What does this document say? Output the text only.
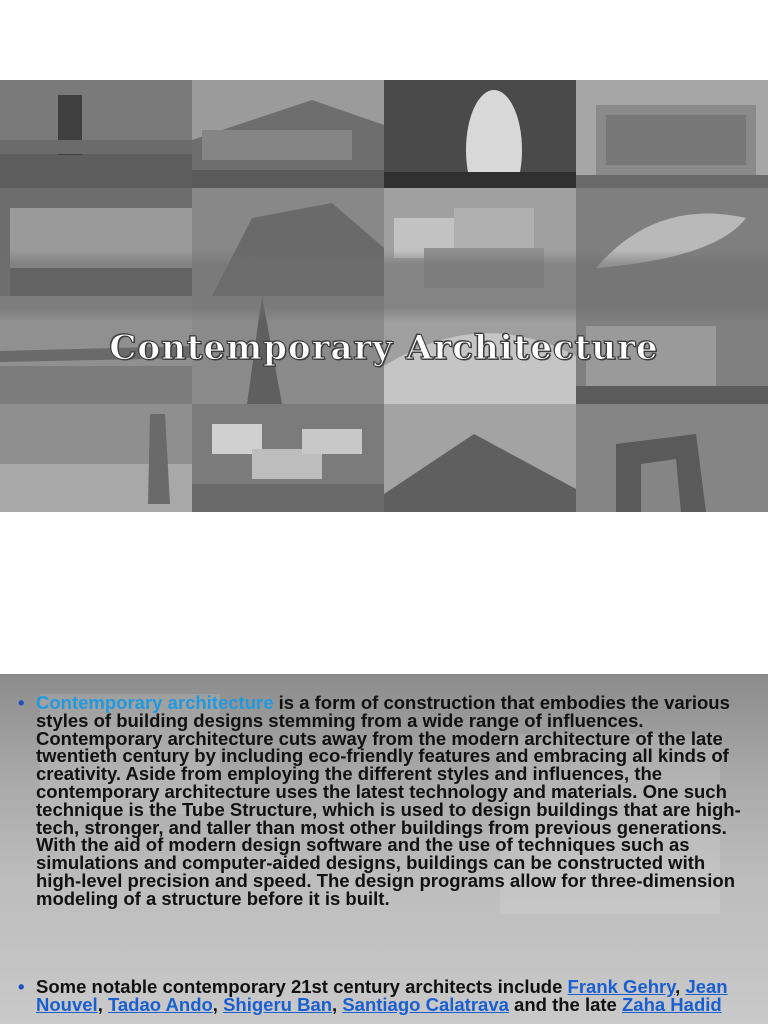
Contemporary Architecture
• Contemporary architecture is a form of construction that embodies the various styles of building designs stemming from a wide range of influences. Contemporary architecture cuts away from the modern architecture of the late twentieth century by including eco-friendly features and embracing all kinds of creativity. Aside from employing the different styles and influences, the contemporary architecture uses the latest technology and materials. One such technique is the Tube Structure, which is used to design buildings that are high-tech, stronger, and taller than most other buildings from previous generations. With the aid of modern design software and the use of techniques such as simulations and computer-aided designs, buildings can be constructed with high-level precision and speed. The design programs allow for three-dimension modeling of a structure before it is built.
• Some notable contemporary 21st century architects include Frank Gehry, Jean Nouvel, Tadao Ando, Shigeru Ban, Santiago Calatrava and the late Zaha Hadid
